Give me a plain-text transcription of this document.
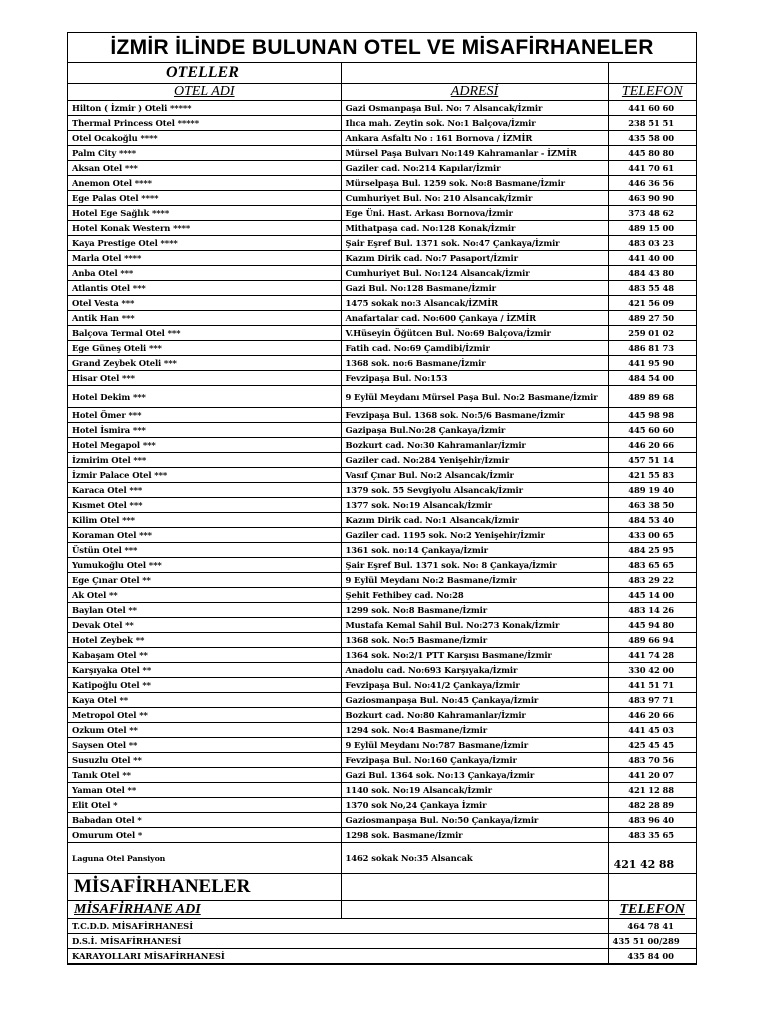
İZMİR İLİNDE BULUNAN OTEL VE MİSAFİRHANELER
OTELLER		
OTEL ADI	ADRESİ	TELEFON
Hilton ( İzmir ) Oteli *****	Gazi Osmanpaşa Bul. No: 7 Alsancak/İzmir	441 60 60
Thermal Princess Otel *****	Ilıca mah. Zeytin sok. No:1 Balçova/İzmir	238 51 51
Otel Ocakoğlu ****	Ankara Asfaltı No : 161 Bornova / İZMİR	435 58 00
Palm City ****	Mürsel Paşa Bulvarı No:149 Kahramanlar - İZMİR	445 80 80
Aksan Otel ***	Gaziler cad. No:214 Kapılar/İzmir	441 70 61
Anemon Otel ****	Mürselpaşa Bul. 1259 sok. No:8 Basmane/İzmir	446 36 56
Ege Palas Otel ****	Cumhuriyet Bul. No: 210 Alsancak/İzmir	463 90 90
Hotel Ege Sağlık ****	Ege Üni. Hast. Arkası Bornova/İzmir	373 48 62
Hotel Konak Western ****	Mithatpaşa cad. No:128 Konak/İzmir	489 15 00
Kaya Prestige Otel ****	Şair Eşref Bul. 1371 sok. No:47 Çankaya/İzmir	483 03 23
Marla Otel ****	Kazım Dirik cad. No:7 Pasaport/İzmir	441 40 00
Anba Otel ***	Cumhuriyet Bul. No:124 Alsancak/İzmir	484 43 80
Atlantis Otel ***	Gazi Bul. No:128 Basmane/İzmir	483 55 48
Otel Vesta ***	1475 sokak no:3 Alsancak/İZMİR	421 56 09
Antik Han ***	Anafartalar cad. No:600 Çankaya / İZMİR	489 27 50
Balçova Termal Otel ***	V.Hüseyin Öğütcen Bul. No:69 Balçova/İzmir	259 01 02
Ege Güneş Oteli ***	Fatih cad. No:69 Çamdibi/İzmir	486 81 73
Grand Zeybek Oteli ***	1368 sok. no:6 Basmane/İzmir	441 95 90
Hisar Otel ***	Fevzipaşa Bul. No:153	484 54 00
Hotel Dekim ***	9 Eylül Meydanı Mürsel Paşa Bul. No:2 Basmane/İzmir	489 89 68
Hotel Ömer ***	Fevzipaşa Bul. 1368 sok. No:5/6 Basmane/İzmir	445 98 98
Hotel İsmira ***	Gazipaşa Bul.No:28 Çankaya/İzmir	445 60 60
Hotel Megapol ***	Bozkurt cad. No:30 Kahramanlar/İzmir	446 20 66
İzmirim Otel ***	Gaziler cad. No:284 Yenişehir/İzmir	457 51 14
İzmir Palace Otel ***	Vasıf Çınar Bul. No:2 Alsancak/İzmir	421 55 83
Karaca Otel ***	1379 sok. 55 Sevgiyolu Alsancak/İzmir	489 19 40
Kısmet Otel ***	1377 sok. No:19 Alsancak/İzmir	463 38 50
Kilim Otel ***	Kazım Dirik cad. No:1 Alsancak/İzmir	484 53 40
Koraman Otel ***	Gaziler cad. 1195 sok. No:2 Yenişehir/İzmir	433 00 65
Üstün Otel ***	1361 sok. no:14 Çankaya/İzmir	484 25 95
Yumukoğlu Otel ***	Şair Eşref Bul. 1371 sok. No: 8 Çankaya/İzmir	483 65 65
Ege Çınar Otel **	9 Eylül Meydanı No:2 Basmane/İzmir	483 29 22
Ak Otel **	Şehit Fethibey cad. No:28	445 14 00
Baylan Otel **	1299 sok. No:8 Basmane/İzmir	483 14 26
Devak Otel **	Mustafa Kemal Sahil Bul. No:273 Konak/İzmir	445 94 80
Hotel Zeybek **	1368 sok. No:5 Basmane/İzmir	489 66 94
Kabaşam Otel **	1364 sok. No:2/1 PTT Karşısı Basmane/İzmir	441 74 28
Karşıyaka Otel **	Anadolu cad. No:693 Karşıyaka/İzmir	330 42 00
Katipoğlu Otel **	Fevzipaşa Bul. No:41/2 Çankaya/İzmir	441 51 71
Kaya Otel **	Gaziosmanpaşa Bul. No:45 Çankaya/İzmir	483 97 71
Metropol Otel **	Bozkurt cad. No:80 Kahramanlar/İzmir	446 20 66
Ozkum Otel **	1294 sok. No:4 Basmane/İzmir	441 45 03
Saysen Otel **	9 Eylül Meydanı No:787 Basmane/İzmir	425 45 45
Susuzlu Otel **	Fevzipaşa Bul. No:160 Çankaya/İzmir	483 70 56
Tanık Otel **	Gazi Bul. 1364 sok. No:13 Çankaya/İzmir	441 20 07
Yaman Otel **	1140 sok. No:19 Alsancak/İzmir	421 12 88
Elit Otel *	1370 sok No,24 Çankaya İzmir	482 28 89
Babadan Otel *	Gaziosmanpaşa Bul. No:50 Çankaya/İzmir	483 96 40
Omurum Otel *	1298 sok. Basmane/İzmir	483 35 65
Laguna Otel Pansiyon	1462 sokak No:35 Alsancak	421 42 88
MİSAFİRHANELER		
MİSAFİRHANE ADI		TELEFON
T.C.D.D. MİSAFİRHANESİ		464 78 41
D.S.İ. MİSAFİRHANESİ		435 51 00/289
KARAYOLLARI MİSAFİRHANESİ		435 84 00
